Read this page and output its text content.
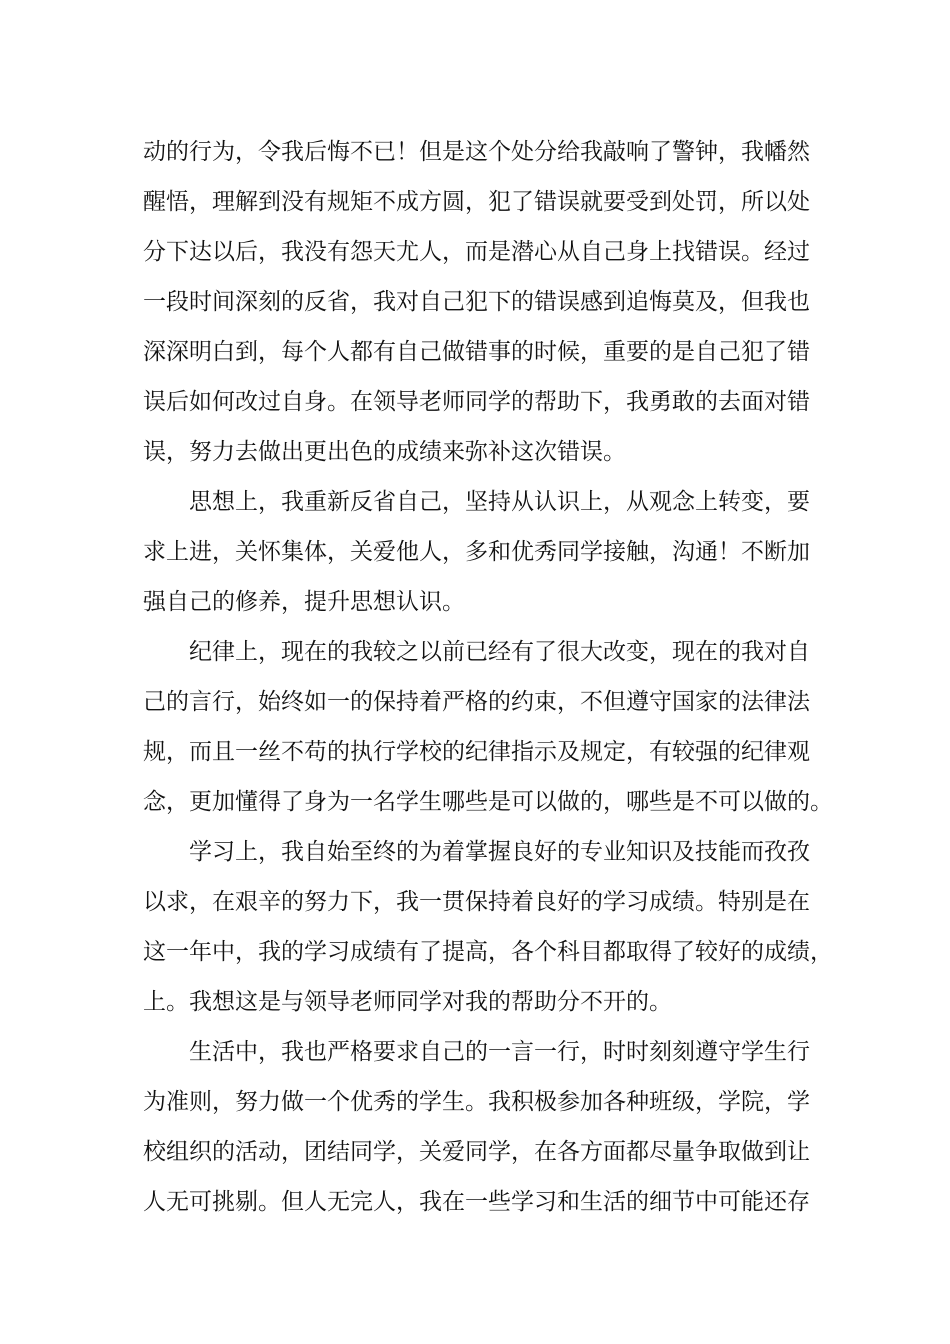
动的行为，令我后悔不已！但是这个处分给我敲响了警钟，我幡然
醒悟，理解到没有规矩不成方圆，犯了错误就要受到处罚，所以处
分下达以后，我没有怨天尤人，而是潜心从自己身上找错误。经过
一段时间深刻的反省，我对自己犯下的错误感到追悔莫及，但我也
深深明白到，每个人都有自己做错事的时候，重要的是自己犯了错
误后如何改过自身。在领导老师同学的帮助下，我勇敢的去面对错
误，努力去做出更出色的成绩来弥补这次错误。
　　思想上，我重新反省自己，坚持从认识上，从观念上转变，要
求上进，关怀集体，关爱他人，多和优秀同学接触，沟通！不断加
强自己的修养，提升思想认识。
　　纪律上，现在的我较之以前已经有了很大改变，现在的我对自
己的言行，始终如一的保持着严格的约束，不但遵守国家的法律法
规，而且一丝不苟的执行学校的纪律指示及规定，有较强的纪律观
念，更加懂得了身为一名学生哪些是可以做的，哪些是不可以做的。
　　学习上，我自始至终的为着掌握良好的专业知识及技能而孜孜
以求，在艰辛的努力下，我一贯保持着良好的学习成绩。特别是在
这一年中，我的学习成绩有了提高，各个科目都取得了较好的成绩，
上。我想这是与领导老师同学对我的帮助分不开的。
　　生活中，我也严格要求自己的一言一行，时时刻刻遵守学生行
为准则，努力做一个优秀的学生。我积极参加各种班级，学院，学
校组织的活动，团结同学，关爱同学，在各方面都尽量争取做到让
人无可挑剔。但人无完人，我在一些学习和生活的细节中可能还存
